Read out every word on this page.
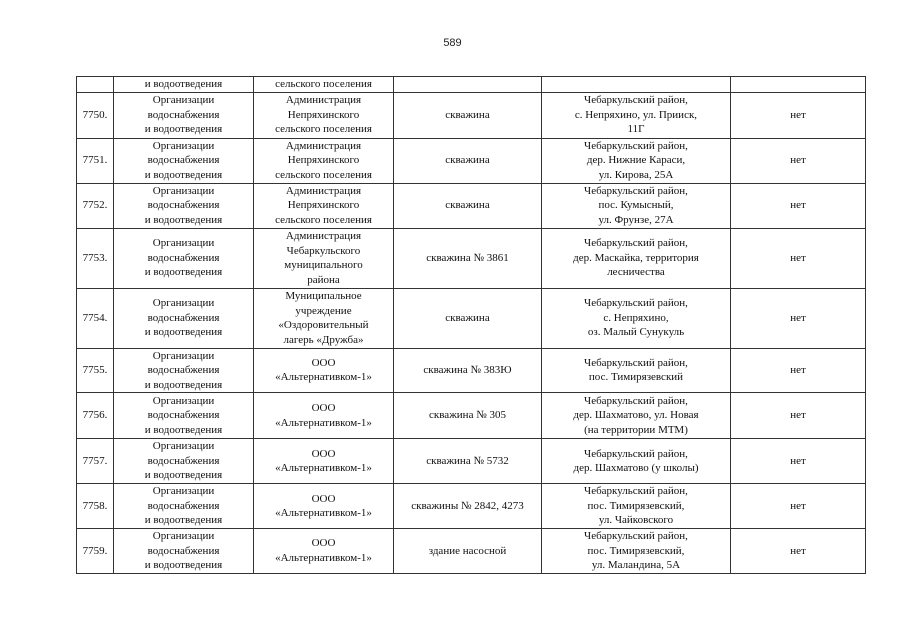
589
	и водоотведения	сельского поселения			
7750.	Организации
водоснабжения
и водоотведения	Администрация
Непряхинского
сельского поселения	скважина	Чебаркульский район,
с. Непряхино, ул. Прииск,
11Г	нет
7751.	Организации
водоснабжения
и водоотведения	Администрация
Непряхинского
сельского поселения	скважина	Чебаркульский район,
дер. Нижние Караси,
ул. Кирова, 25А	нет
7752.	Организации
водоснабжения
и водоотведения	Администрация
Непряхинского
сельского поселения	скважина	Чебаркульский район,
пос. Кумысный,
ул. Фрунзе, 27А	нет
7753.	Организации
водоснабжения
и водоотведения	Администрация
Чебаркульского
муниципального
района	скважина № 3861	Чебаркульский район,
дер. Маскайка, территория
лесничества	нет
7754.	Организации
водоснабжения
и водоотведения	Муниципальное
учреждение
«Оздоровительный
лагерь «Дружба»	скважина	Чебаркульский район,
с. Непряхино,
оз. Малый Сунукуль	нет
7755.	Организации
водоснабжения
и водоотведения	ООО
«Альтернативком-1»	скважина № 383Ю	Чебаркульский район,
пос. Тимирязевский	нет
7756.	Организации
водоснабжения
и водоотведения	ООО
«Альтернативком-1»	скважина № 305	Чебаркульский район,
дер. Шахматово, ул. Новая
(на территории МТМ)	нет
7757.	Организации
водоснабжения
и водоотведения	ООО
«Альтернативком-1»	скважина № 5732	Чебаркульский район,
дер. Шахматово (у школы)	нет
7758.	Организации
водоснабжения
и водоотведения	ООО
«Альтернативком-1»	скважины № 2842, 4273	Чебаркульский район,
пос. Тимирязевский,
ул. Чайковского	нет
7759.	Организации
водоснабжения
и водоотведения	ООО
«Альтернативком-1»	здание насосной	Чебаркульский район,
пос. Тимирязевский,
ул. Маландина, 5А	нет
